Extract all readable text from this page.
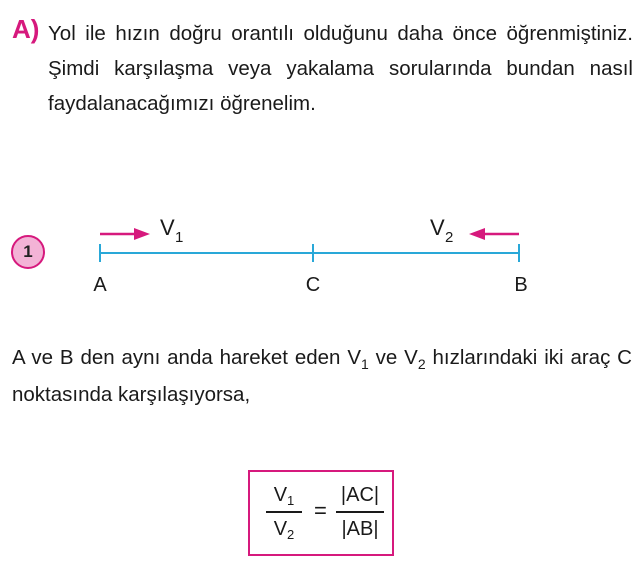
A) Yol ile hızın doğru orantılı olduğunu daha önce öğrenmiştiniz. Şimdi karşılaşma veya yakalama sorularında bundan nasıl faydalanacağımızı öğrenelim.
1
V 1	V 2
A	C	B
A ve B den aynı anda hareket eden $V_1$ ve $V_2$ hızlarındaki iki araç C noktasında karşılaşıyorsa,
$V_1$
$V_2$
=
|AC|
|AB|
